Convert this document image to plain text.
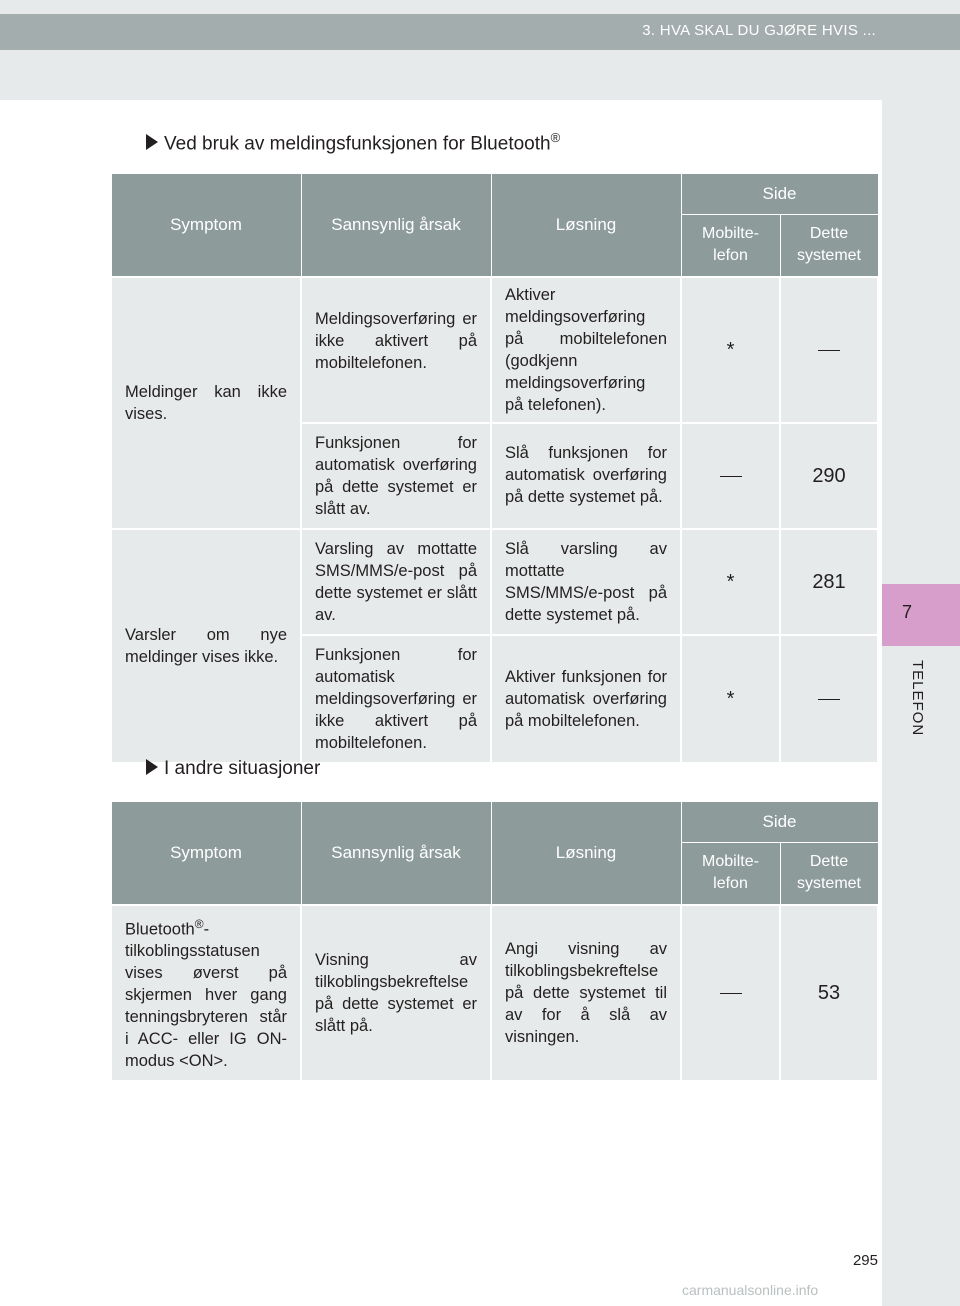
3. HVA SKAL DU GJØRE HVIS ...
7
TELEFON
Ved bruk av meldingsfunksjonen for Bluetooth®
Symptom	Sannsynlig årsak	Løsning	Side	
			Mobilte-
lefon	Dette
systemet
Meldinger kan ikke vises.	Meldingsoverføring er ikke aktivert på mobiltelefonen.	Aktiver meldingsoverføring på mobiltelefonen (godkjenn meldingsoverføring på telefonen).	*	
	Funksjonen for automatisk overføring på dette systemet er slått av.	Slå funksjonen for automatisk overføring på dette systemet på.		290
Varsler om nye meldinger vises ikke.	Varsling av mottatte SMS/MMS/e-post på dette systemet er slått av.	Slå varsling av mottatte SMS/MMS/e-post på dette systemet på.	*	281
	Funksjonen for automatisk meldingsoverføring er ikke aktivert på mobiltelefonen.	Aktiver funksjonen for automatisk overføring på mobiltelefonen.	*	
I andre situasjoner
Symptom	Sannsynlig årsak	Løsning	Side	
			Mobilte-
lefon	Dette
systemet
Bluetooth®-tilkoblingsstatusen vises øverst på skjermen hver gang tenningsbryteren står i ACC- eller IG ON-modus <ON>.	Visning av tilkoblingsbekreftelse på dette systemet er slått på.	Angi visning av tilkoblingsbekreftelse på dette systemet til av for å slå av visningen.		53
295
carmanualsonline.info
